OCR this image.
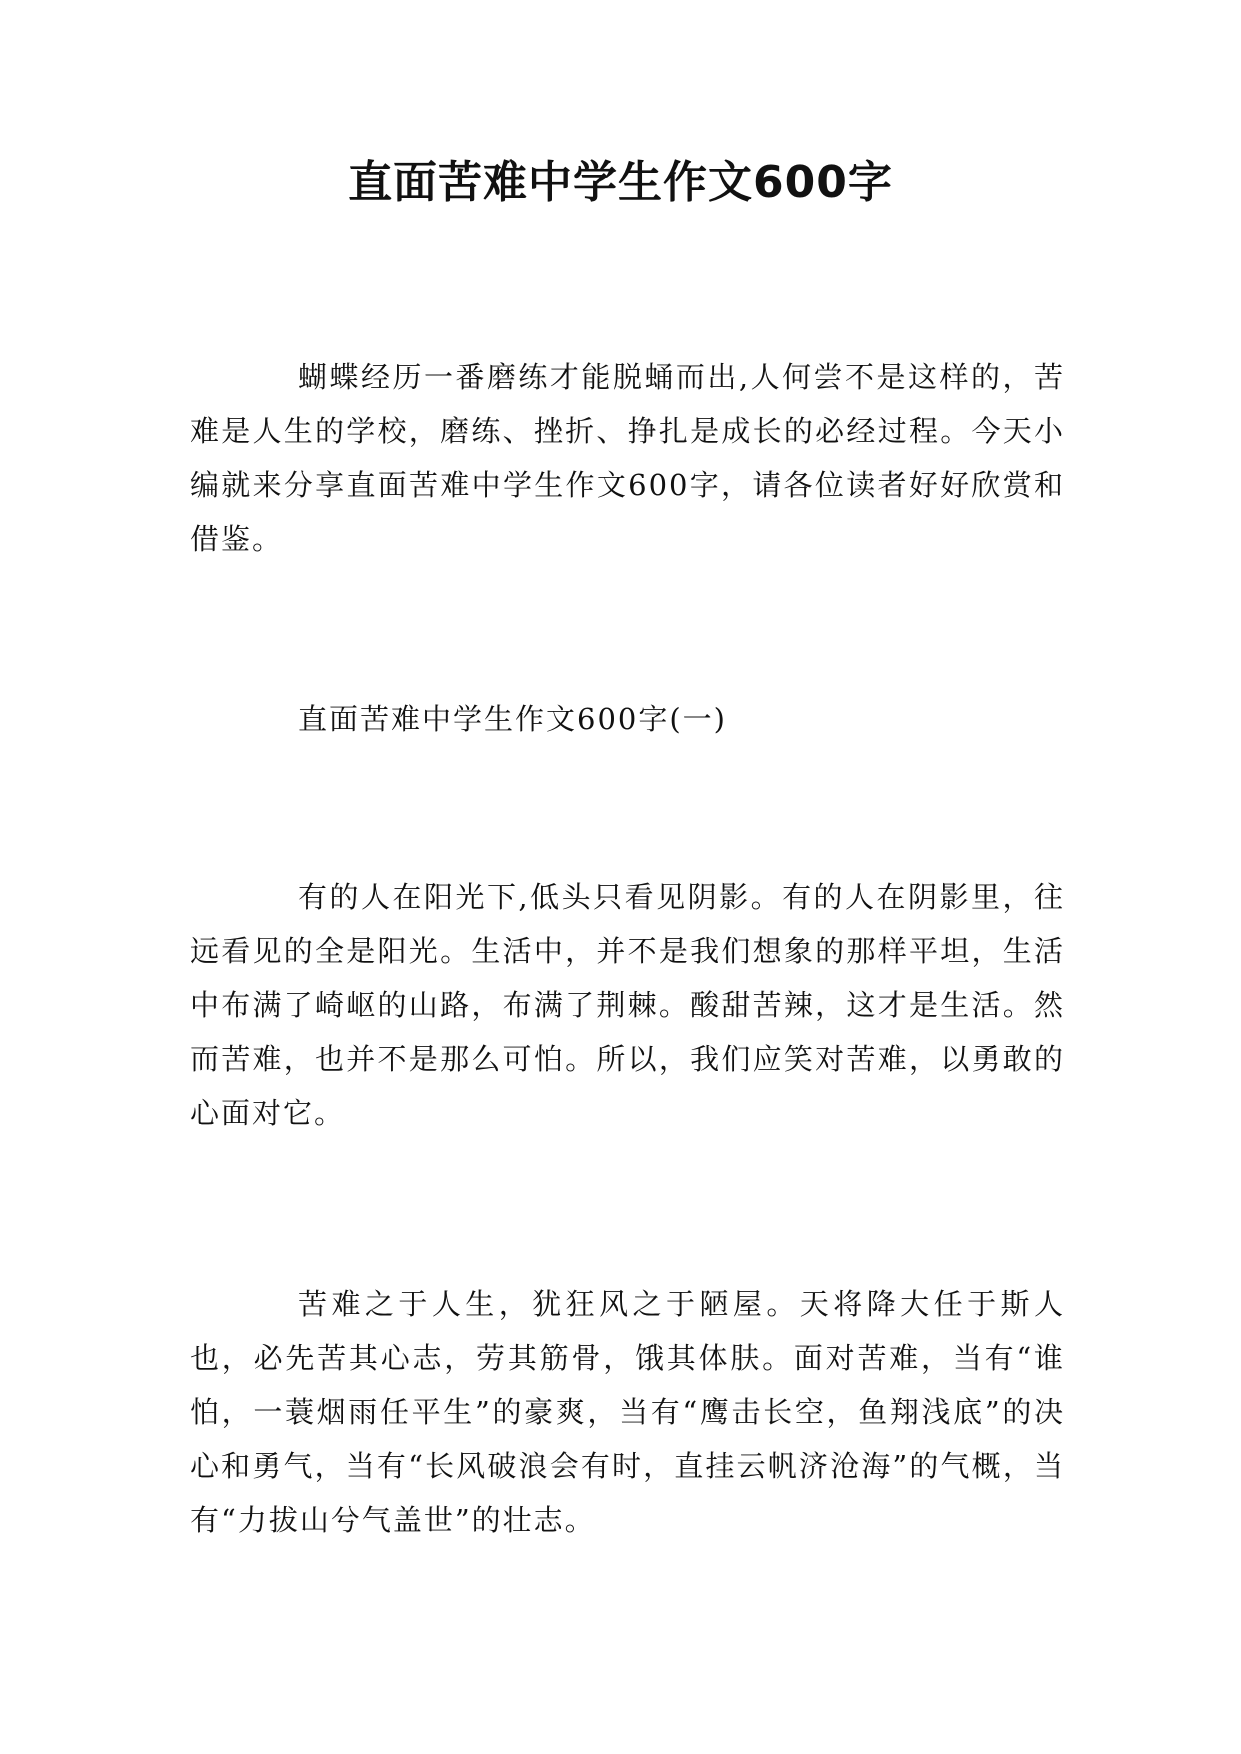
直面苦难中学生作文600字

蝴蝶经历一番磨练才能脱蛹而出,人何尝不是这样的，苦难是人生的学校，磨练、挫折、挣扎是成长的必经过程。今天小编就来分享直面苦难中学生作文600字，请各位读者好好欣赏和借鉴。

直面苦难中学生作文600字(一)

有的人在阳光下,低头只看见阴影。有的人在阴影里，往远看见的全是阳光。生活中，并不是我们想象的那样平坦，生活中布满了崎岖的山路，布满了荆棘。酸甜苦辣，这才是生活。然而苦难，也并不是那么可怕。所以，我们应笑对苦难，以勇敢的心面对它。

苦难之于人生，犹狂风之于陋屋。天将降大任于斯人也，必先苦其心志，劳其筋骨，饿其体肤。面对苦难，当有“谁怕，一蓑烟雨任平生”的豪爽，当有“鹰击长空，鱼翔浅底”的决心和勇气，当有“长风破浪会有时，直挂云帆济沧海”的气概，当有“力拔山兮气盖世”的壮志。
